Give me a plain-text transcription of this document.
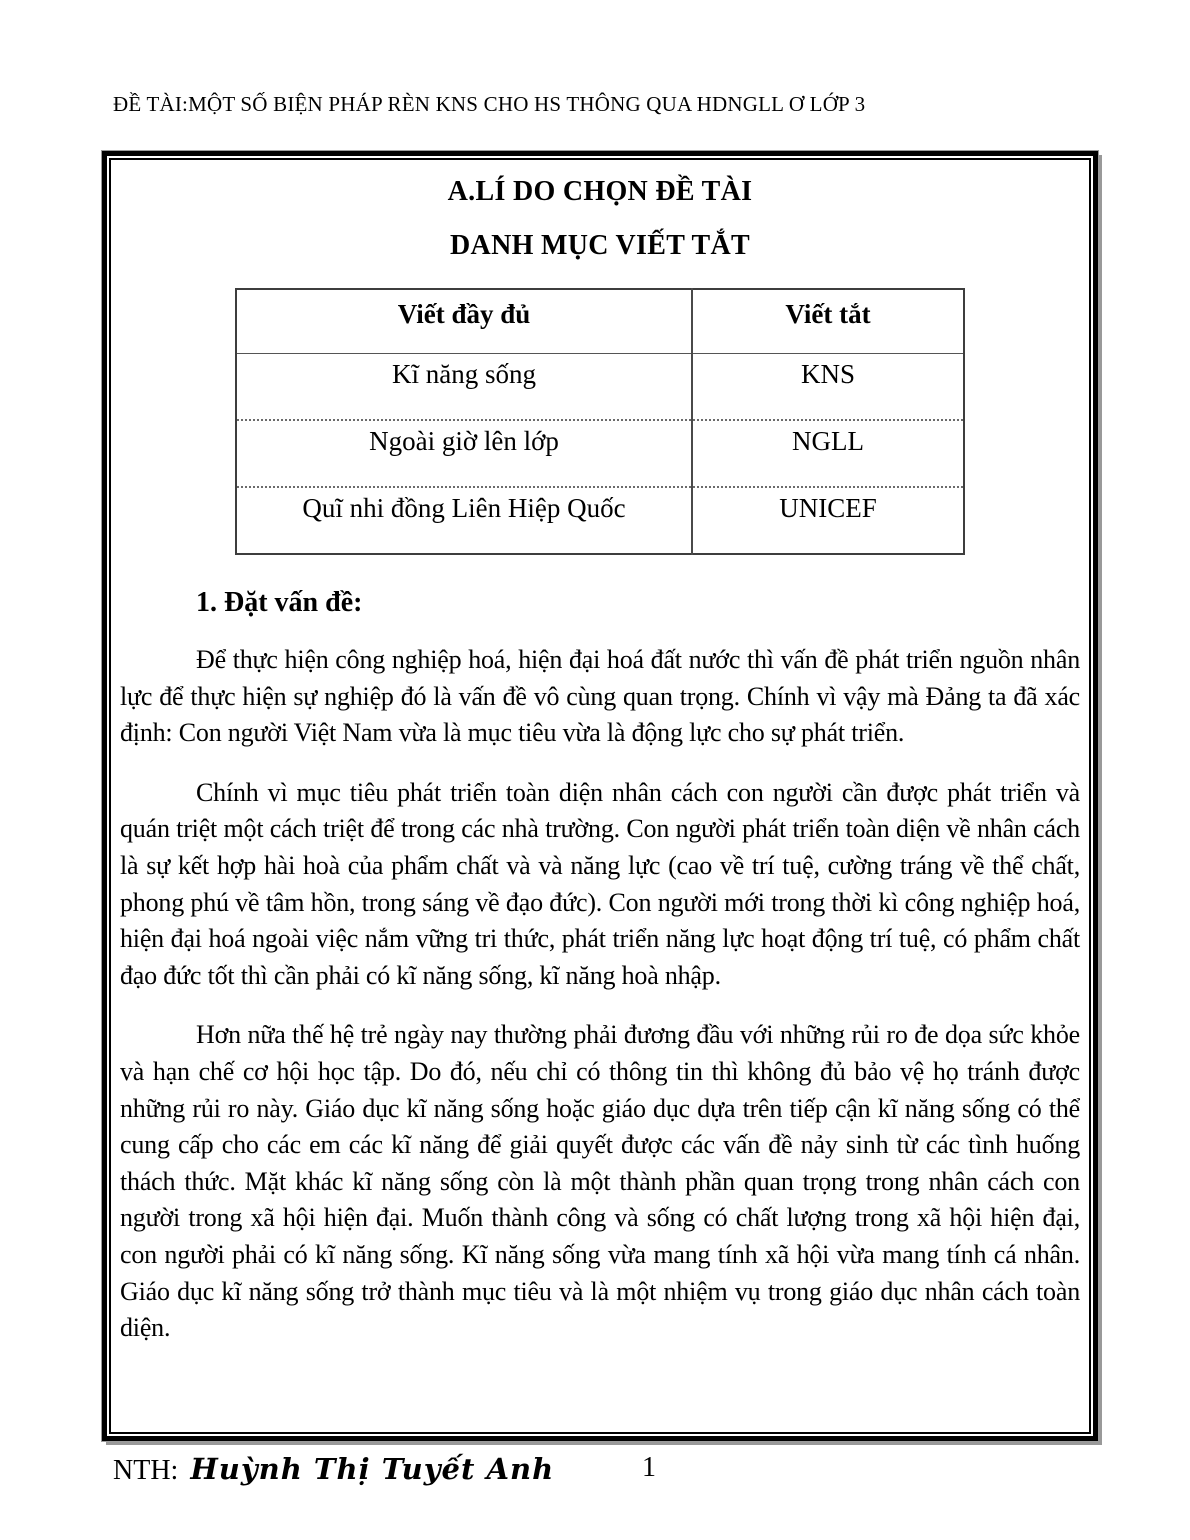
ĐỀ TÀI:MỘT SỐ BIỆN PHÁP RÈN KNS CHO HS THÔNG QUA HDNGLL Ơ LỚP 3
A.LÍ DO CHỌN ĐỀ TÀI
DANH MỤC VIẾT TẮT
Viết đầy đủ	Viết tắt
Kĩ năng sống	KNS
Ngoài giờ lên lớp	NGLL
Quĩ nhi đồng Liên Hiệp Quốc	UNICEF
1. Đặt vấn đề:

Để thực hiện công nghiệp hoá, hiện đại hoá đất nước thì vấn đề phát triển nguồn nhân lực để thực hiện sự nghiệp đó là vấn đề vô cùng quan trọng. Chính vì vậy mà Đảng ta đã xác định: Con người Việt Nam vừa là mục tiêu vừa là động lực cho sự phát triển.

Chính vì mục tiêu phát triển toàn diện nhân cách con người cần được phát triển và quán triệt một cách triệt để trong các nhà trường. Con người phát triển toàn diện về nhân cách là sự kết hợp hài hoà của phẩm chất và và năng lực (cao về trí tuệ, cường tráng về thể chất, phong phú về tâm hồn, trong sáng về đạo đức). Con người mới trong thời kì công nghiệp hoá, hiện đại hoá ngoài việc nắm vững tri thức, phát triển năng lực hoạt động trí tuệ, có phẩm chất đạo đức tốt thì cần phải có kĩ năng sống, kĩ năng hoà nhập.

Hơn nữa thế hệ trẻ ngày nay thường phải đương đầu với những rủi ro đe dọa sức khỏe và hạn chế cơ hội học tập. Do đó, nếu chỉ có thông tin thì không đủ bảo vệ họ tránh được những rủi ro này. Giáo dục kĩ năng sống hoặc giáo dục dựa trên tiếp cận kĩ năng sống có thể cung cấp cho các em các kĩ năng để giải quyết được các vấn đề nảy sinh từ các tình huống thách thức. Mặt khác kĩ năng sống còn là một thành phần quan trọng trong nhân cách con người trong xã hội hiện đại. Muốn thành công và sống có chất lượng trong xã hội hiện đại, con người phải có kĩ năng sống. Kĩ năng sống vừa mang tính xã hội vừa mang tính cá nhân. Giáo dục kĩ năng sống trở thành mục tiêu và là một nhiệm vụ trong giáo dục nhân cách toàn diện.

NTH: Huỳnh Thị Tuyết Anh	1
